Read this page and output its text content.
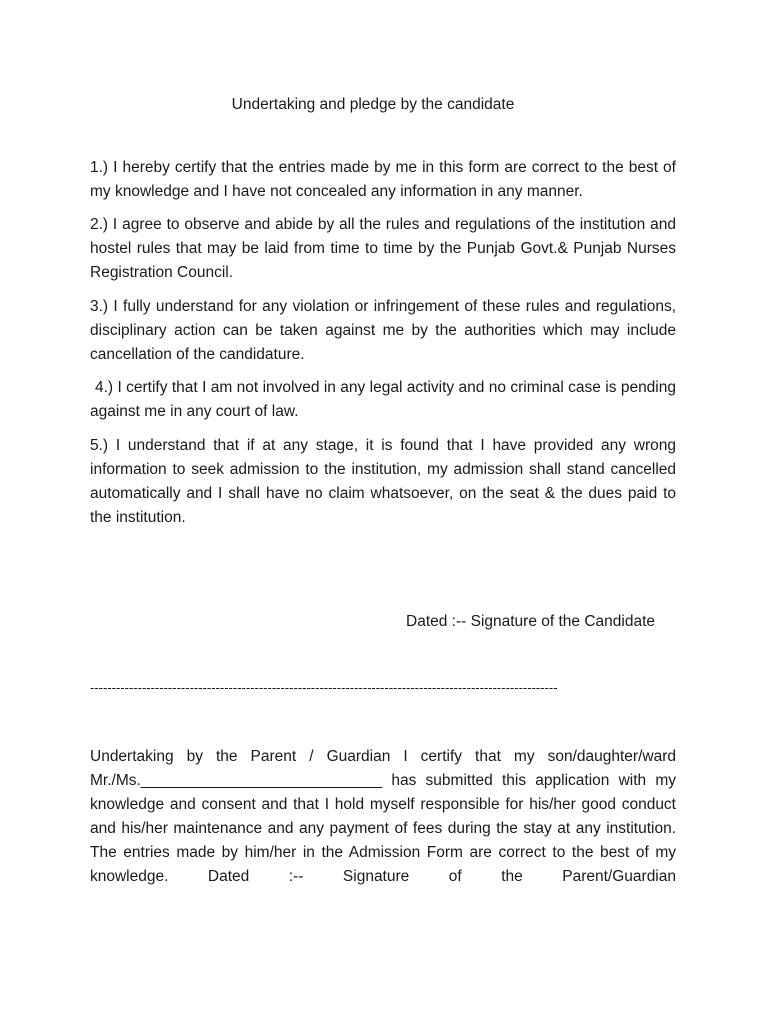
Undertaking and pledge by the candidate

1.) I hereby certify that the entries made by me in this form are correct to the best of my knowledge and I have not concealed any information in any manner.

2.) I agree to observe and abide by all the rules and regulations of the institution and hostel rules that may be laid from time to time by the Punjab Govt.& Punjab Nurses Registration Council.

3.) I fully understand for any violation or infringement of these rules and regulations, disciplinary action can be taken against me by the authorities which may include cancellation of the candidature.

4.) I certify that I am not involved in any legal activity and no criminal case is pending against me in any court of law.

5.) I understand that if at any stage, it is found that I have provided any wrong information to seek admission to the institution, my admission shall stand cancelled automatically and I shall have no claim whatsoever, on the seat & the dues paid to the institution.

Dated :-- Signature of the Candidate

------------------------------------------------------------------------------------------------------------

Undertaking by the Parent / Guardian I certify that my son/daughter/ward Mr./Ms.____________________________ has submitted this application with my knowledge and consent and that I hold myself responsible for his/her good conduct and his/her maintenance and any payment of fees during the stay at any institution. The entries made by him/her in the Admission Form are correct to the best of my knowledge. Dated :-- Signature of the Parent/Guardian
